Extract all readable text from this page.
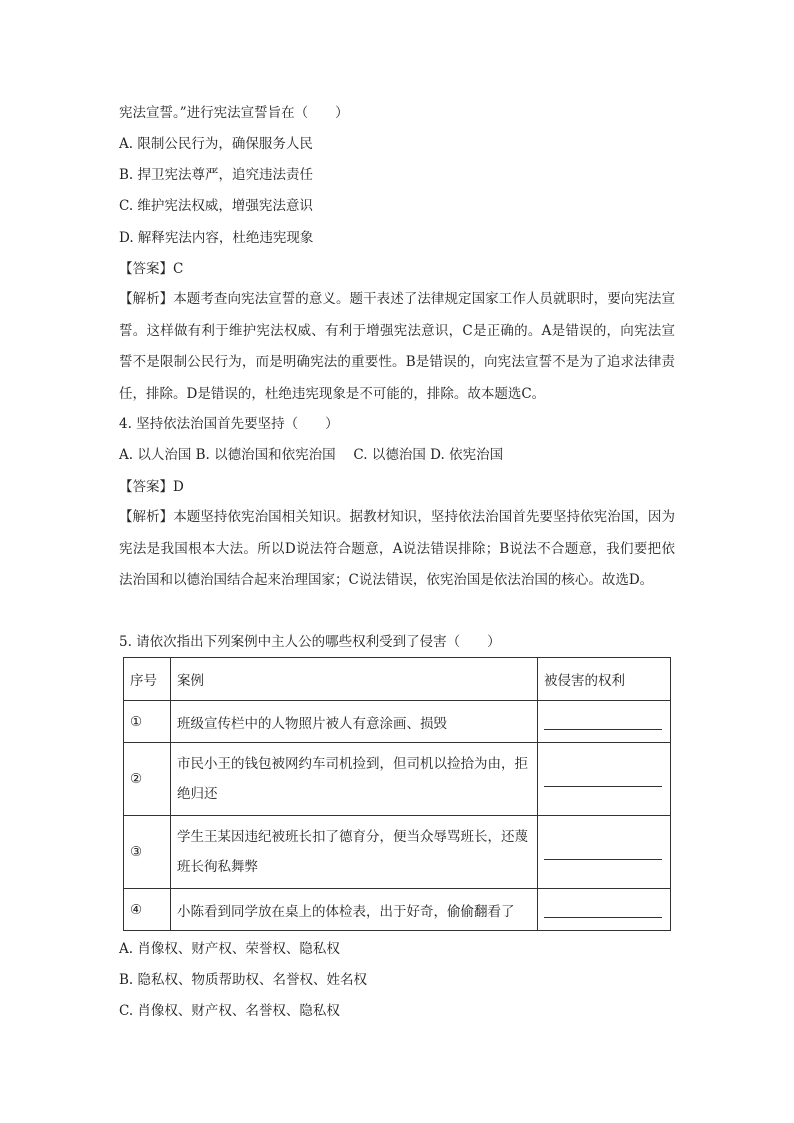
宪法宣誓。”进行宪法宣誓旨在（　　）
A. 限制公民行为，确保服务人民
B. 捍卫宪法尊严，追究违法责任
C. 维护宪法权威，增强宪法意识
D. 解释宪法内容，杜绝违宪现象
【答案】C
【解析】本题考查向宪法宣誓的意义。题干表述了法律规定国家工作人员就职时，要向宪法宣誓。这样做有利于维护宪法权威、有利于增强宪法意识，C是正确的。A是错误的，向宪法宣誓不是限制公民行为，而是明确宪法的重要性。B是错误的，向宪法宣誓不是为了追求法律责任，排除。D是错误的，杜绝违宪现象是不可能的，排除。故本题选C。
4. 坚持依法治国首先要坚持（　　）
A. 以人治国 B. 以德治国和依宪治国　 C. 以德治国 D. 依宪治国
【答案】D
【解析】本题坚持依宪治国相关知识。据教材知识，坚持依法治国首先要坚持依宪治国，因为宪法是我国根本大法。所以D说法符合题意，A说法错误排除；B说法不合题意，我们要把依法治国和以德治国结合起来治理国家；C说法错误，依宪治国是依法治国的核心。故选D。
5. 请依次指出下列案例中主人公的哪些权利受到了侵害（　　）
序号	案例	被侵害的权利
①	班级宣传栏中的人物照片被人有意涂画、损毁	
②	市民小王的钱包被网约车司机捡到，但司机以捡拾为由，拒绝归还	
③	学生王某因违纪被班长扣了德育分，便当众辱骂班长，还蔑班长徇私舞弊	
④	小陈看到同学放在桌上的体检表，出于好奇，偷偷翻看了	
A. 肖像权、财产权、荣誉权、隐私权
B. 隐私权、物质帮助权、名誉权、姓名权
C. 肖像权、财产权、名誉权、隐私权
